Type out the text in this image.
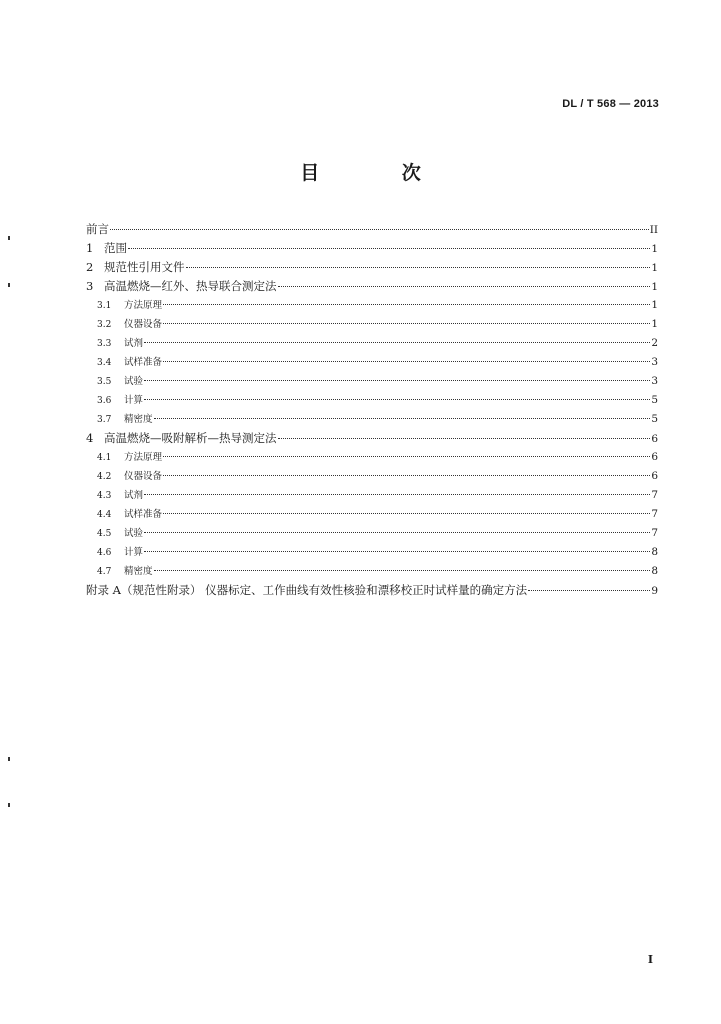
DL / T 568 — 2013
目 次
前言	II
1 范围	1
2 规范性引用文件	1
3 高温燃烧—红外、热导联合测定法	1
3.1	方法原理	1
3.2	仪器设备	1
3.3	试剂	2
3.4	试样准备	3
3.5	试验	3
3.6	计算	5
3.7	精密度	5
4 高温燃烧—吸附解析—热导测定法	6
4.1	方法原理	6
4.2	仪器设备	6
4.3	试剂	7
4.4	试样准备	7
4.5	试验	7
4.6	计算	8
4.7	精密度	8
附录 A（规范性附录） 仪器标定、工作曲线有效性核验和漂移校正时试样量的确定方法	9
I
